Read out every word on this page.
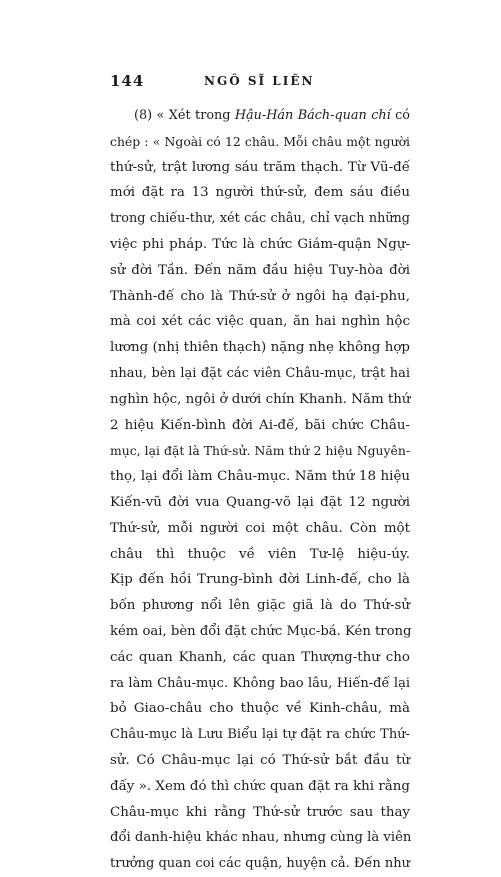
144	NGÔ SĨ LIÊN
(8) « Xét trong Hậu-Hán Bách-quan chí có
chép : « Ngoài có 12 châu. Mỗi châu một người
thứ-sử, trật lương sáu trăm thạch. Từ Vũ-đế
mới đặt ra 13 người thứ-sử, đem sáu điều
trong chiếu-thư, xét các châu, chỉ vạch những
việc phi pháp. Tức là chức Giám-quận Ngự-
sử đời Tần. Đến năm đầu hiệu Tuy-hòa đời
Thành-đế cho là Thứ-sử ở ngôi hạ đại-phu,
mà coi xét các việc quan, ăn hai nghìn hộc
lương (nhị thiên thạch) nặng nhẹ không hợp
nhau, bèn lại đặt các viên Châu-mục, trật hai
nghìn hộc, ngôi ở dưới chín Khanh. Năm thứ
2 hiệu Kiến-bình đời Ai-đế, bãi chức Châu-
mục, lại đặt là Thứ-sử. Năm thứ 2 hiệu Nguyên-
thọ, lại đổi làm Châu-mục. Năm thứ 18 hiệu
Kiến-vũ đời vua Quang-võ lại đặt 12 người
Thứ-sử, mỗi người coi một châu. Còn một
châu thì thuộc về viên Tư-lệ hiệu-úy.
Kịp đến hồi Trung-bình đời Linh-đế, cho là
bốn phương nổi lên giặc giã là do Thứ-sử
kém oai, bèn đổi đặt chức Mục-bá. Kén trong
các quan Khanh, các quan Thượng-thư cho
ra làm Châu-mục. Không bao lâu, Hiến-đế lại
bỏ Giao-châu cho thuộc về Kinh-châu, mà
Châu-mục là Lưu Biểu lại tự đặt ra chức Thứ-
sử. Có Châu-mục lại có Thứ-sử bắt đầu từ
đấy ». Xem đó thì chức quan đặt ra khi rằng
Châu-mục khi rằng Thứ-sử trước sau thay
đổi danh-hiệu khác nhau, nhưng cùng là viên
trưởng quan coi các quận, huyện cả. Đến như
